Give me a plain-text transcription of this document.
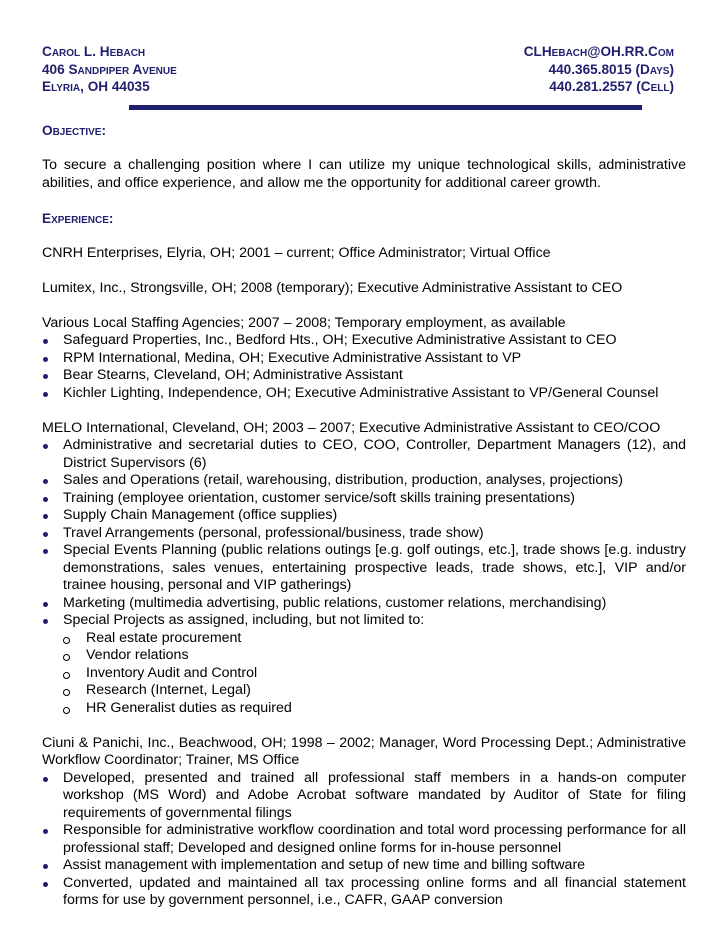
Carol L. Hebach
406 Sandpiper Avenue
Elyria, OH 44035
CLHebach@OH.RR.Com
440.365.8015 (Days)
440.281.2557 (Cell)
Objective:

To secure a challenging position where I can utilize my unique technological skills, administrative abilities, and office experience, and allow me the opportunity for additional career growth.

Experience:

CNRH Enterprises, Elyria, OH; 2001 – current; Office Administrator; Virtual Office

Lumitex, Inc., Strongsville, OH; 2008 (temporary); Executive Administrative Assistant to CEO

Various Local Staffing Agencies; 2007 – 2008; Temporary employment, as available

Safeguard Properties, Inc., Bedford Hts., OH; Executive Administrative Assistant to CEO
RPM International, Medina, OH; Executive Administrative Assistant to VP
Bear Stearns, Cleveland, OH; Administrative Assistant
Kichler Lighting, Independence, OH; Executive Administrative Assistant to VP/General Counsel

MELO International, Cleveland, OH; 2003 – 2007; Executive Administrative Assistant to CEO/COO

Administrative and secretarial duties to CEO, COO, Controller, Department Managers (12), and District Supervisors (6)
Sales and Operations (retail, warehousing, distribution, production, analyses, projections)
Training (employee orientation, customer service/soft skills training presentations)
Supply Chain Management (office supplies)
Travel Arrangements (personal, professional/business, trade show)
Special Events Planning (public relations outings [e.g. golf outings, etc.], trade shows [e.g. industry demonstrations, sales venues, entertaining prospective leads, trade shows, etc.], VIP and/or trainee housing, personal and VIP gatherings)
Marketing (multimedia advertising, public relations, customer relations, merchandising)
Special Projects as assigned, including, but not limited to:
Real estate procurement
Vendor relations
Inventory Audit and Control
Research (Internet, Legal)
HR Generalist duties as required

Ciuni & Panichi, Inc., Beachwood, OH; 1998 – 2002; Manager, Word Processing Dept.; Administrative Workflow Coordinator; Trainer, MS Office

Developed, presented and trained all professional staff members in a hands-on computer workshop (MS Word) and Adobe Acrobat software mandated by Auditor of State for filing requirements of governmental filings
Responsible for administrative workflow coordination and total word processing performance for all professional staff; Developed and designed online forms for in-house personnel
Assist management with implementation and setup of new time and billing software
Converted, updated and maintained all tax processing online forms and all financial statement forms for use by government personnel, i.e., CAFR, GAAP conversion
